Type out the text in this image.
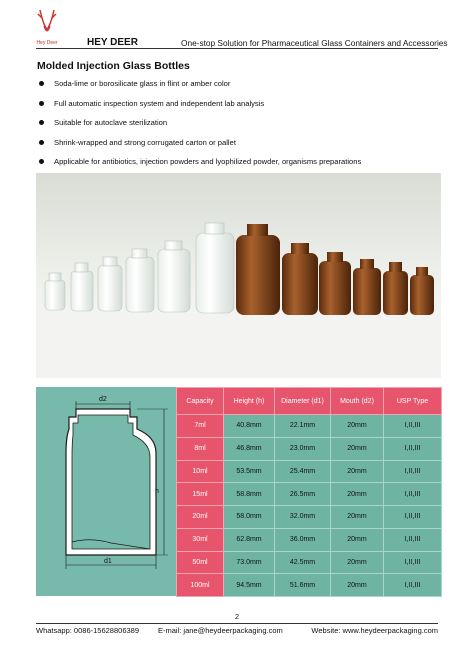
Hey Deer	HEY DEER	One-stop Solution for Pharmaceutical Glass Containers and Accessories
Molded Injection Glass Bottles
Soda-lime or borosilicate glass in flint or amber color
Full automatic inspection system and independent lab analysis
Suitable for autoclave sterilization
Shrink-wrapped and strong corrugated carton or pallet
Applicable for antibiotics, injection powders and lyophilized powder, organisms preparations
d2
d1
h
Capacity	Height (h)	Diameter (d1)	Mouth (d2)	USP Type
7ml	40.8mm	22.1mm	20mm	I,II,III
8ml	46.8mm	23.0mm	20mm	I,II,III
10ml	53.5mm	25.4mm	20mm	I,II,III
15ml	58.8mm	26.5mm	20mm	I,II,III
20ml	58.0mm	32.0mm	20mm	I,II,III
30ml	62.8mm	36.0mm	20mm	I,II,III
50ml	73.0mm	42.5mm	20mm	I,II,III
100ml	94.5mm	51.6mm	20mm	I,II,III
2
Whatsapp: 0086-15628806389	E-mail: jane@heydeerpackaging.com	Website: www.heydeerpackaging.com
